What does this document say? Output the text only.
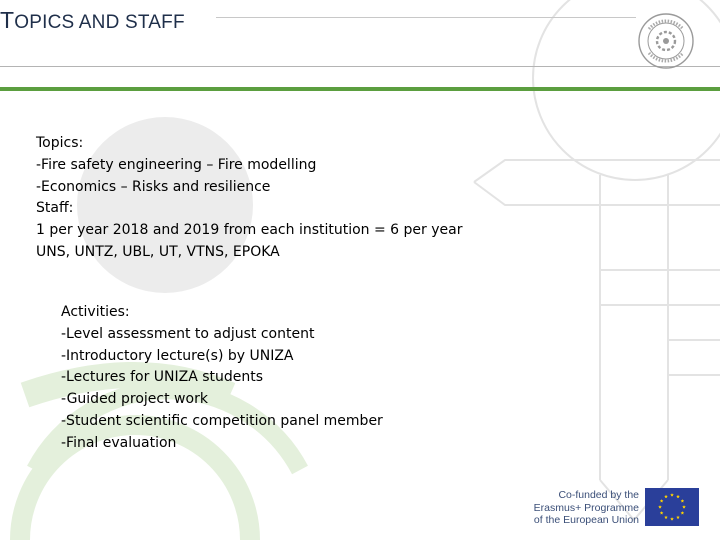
TOPICS AND STAFF
Topics:
-Fire safety engineering – Fire modelling
-Economics – Risks and resilience
Staff:
1 per year 2018 and 2019 from each institution = 6 per year
UNS, UNTZ, UBL, UT, VTNS, EPOKA
Activities:
-Level assessment to adjust content
-Introductory lecture(s) by UNIZA
-Lectures for UNIZA students
-Guided project work
-Student scientific competition panel member
-Final evaluation
Co-funded by the
Erasmus+ Programme
of the European Union
